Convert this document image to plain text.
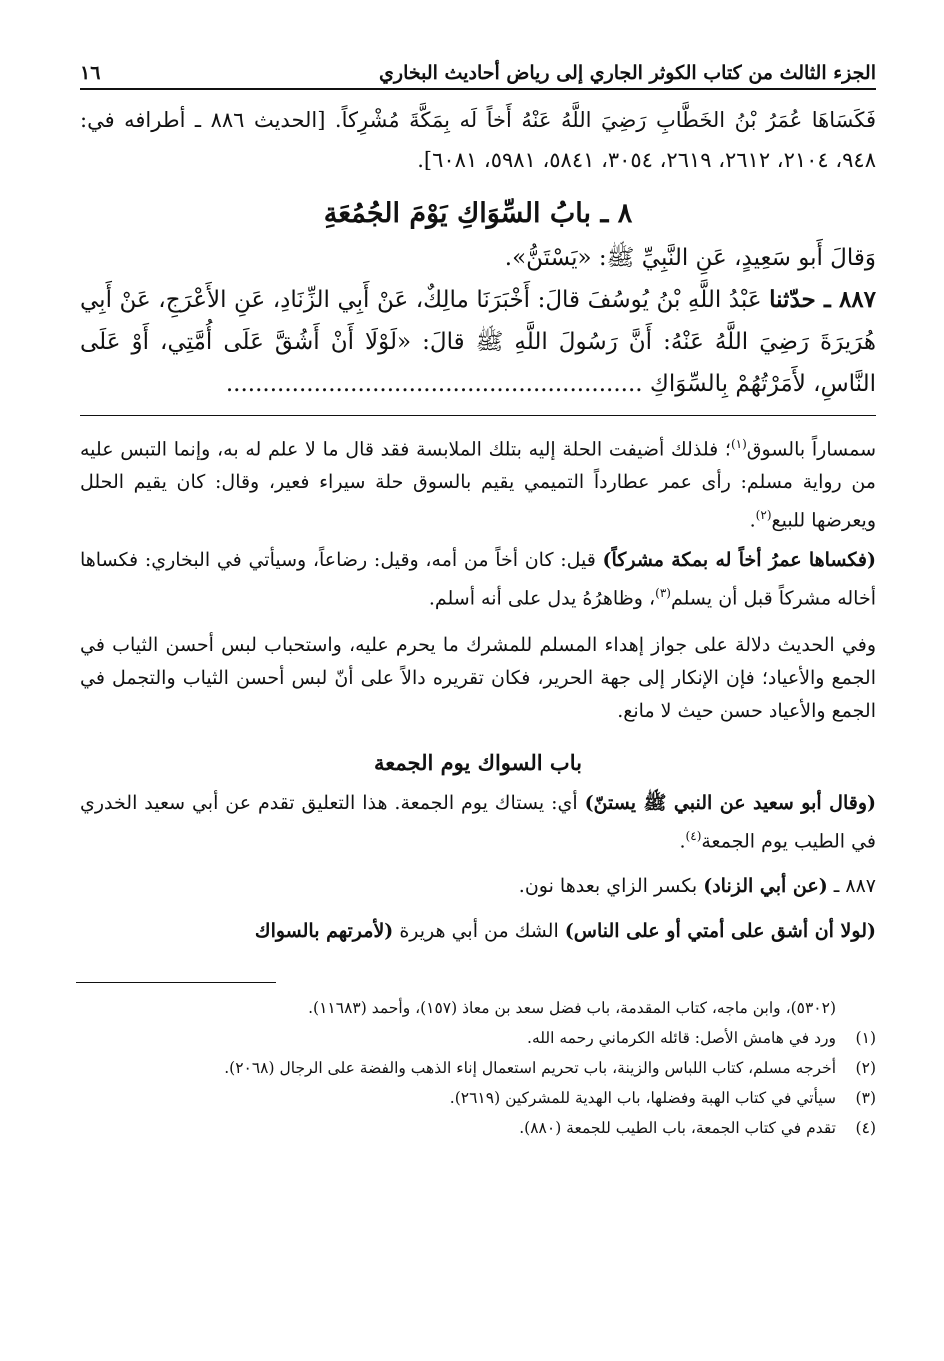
الجزء الثالث من كتاب الكوثر الجاري إلى رياض أحاديث البخاري
١٦

فَكَسَاهَا عُمَرُ بْنُ الخَطَّابِ رَضِيَ اللَّهُ عَنْهُ أَخاً لَه بِمَكَّةَ مُشْرِكاً. [الحديث ٨٨٦ ـ أطرافه في: ٩٤٨، ٢١٠٤، ٢٦١٢، ٢٦١٩، ٣٠٥٤، ٥٨٤١، ٥٩٨١، ٦٠٨١].

٨ ـ بابُ السِّوَاكِ يَوْمَ الجُمُعَةِ

وَقالَ أَبو سَعِيدٍ، عَنِ النَّبِيِّ ﷺ: «يَسْتَنُّ».

٨٨٧ ـ حدّثنا عَبْدُ اللَّهِ بْنُ يُوسُفَ قالَ: أَخْبَرَنَا مالِكٌ، عَنْ أَبِي الزِّنَادِ، عَنِ الأَعْرَجِ، عَنْ أَبِي هُرَيرَةَ رَضِيَ اللَّهُ عَنْهُ: أَنَّ رَسُولَ اللَّهِ ﷺ قالَ: «لَوْلَا أَنْ أَشُقَّ عَلَى أُمَّتِي، أَوْ عَلَى النَّاسِ، لأَمَرْتُهُمْ بِالسِّوَاكِ .........................................................

سمساراً بالسوق$^{(١)}$؛ فلذلك أضيفت الحلة إليه بتلك الملابسة فقد قال ما لا علم له به، وإنما التبس عليه من رواية مسلم: رأى عمر عطارداً التميمي يقيم بالسوق حلة سيراء فعير، وقال: كان يقيم الحلل ويعرضها للبيع$^{(٢)}$.

(فكساها عمرُ أخاً له بمكة مشركاً) قيل: كان أخاً من أمه، وقيل: رضاعاً، وسيأتي في البخاري: فكساها أخاله مشركاً قبل أن يسلم$^{(٣)}$، وظاهرُهُ يدل على أنه أسلم.

وفي الحديث دلالة على جواز إهداء المسلم للمشرك ما يحرم عليه، واستحباب لبس أحسن الثياب في الجمع والأعياد؛ فإن الإنكار إلى جهة الحرير، فكان تقريره دالاً على أنّ لبس أحسن الثياب والتجمل في الجمع والأعياد حسن حيث لا مانع.

باب السواك يوم الجمعة

(وقال أبو سعيد عن النبي ﷺ يستنّ) أي: يستاك يوم الجمعة. هذا التعليق تقدم عن أبي سعيد الخدري في الطيب يوم الجمعة$^{(٤)}$.

٨٨٧ ـ (عن أبي الزناد) بكسر الزاي بعدها نون.

(لولا أن أشق على أمتي أو على الناس) الشك من أبي هريرة (لأمرتهم بالسواك

(٥٣٠٢)، وابن ماجه، كتاب المقدمة، باب فضل سعد بن معاذ (١٥٧)، وأحمد (١١٦٨٣).
(١)
ورد في هامش الأصل: قائله الكرماني رحمه الله.
(٢)
أخرجه مسلم، كتاب اللباس والزينة، باب تحريم استعمال إناء الذهب والفضة على الرجال (٢٠٦٨).
(٣)
سيأتي في كتاب الهبة وفضلها، باب الهدية للمشركين (٢٦١٩).
(٤)
تقدم في كتاب الجمعة، باب الطيب للجمعة (٨٨٠).
